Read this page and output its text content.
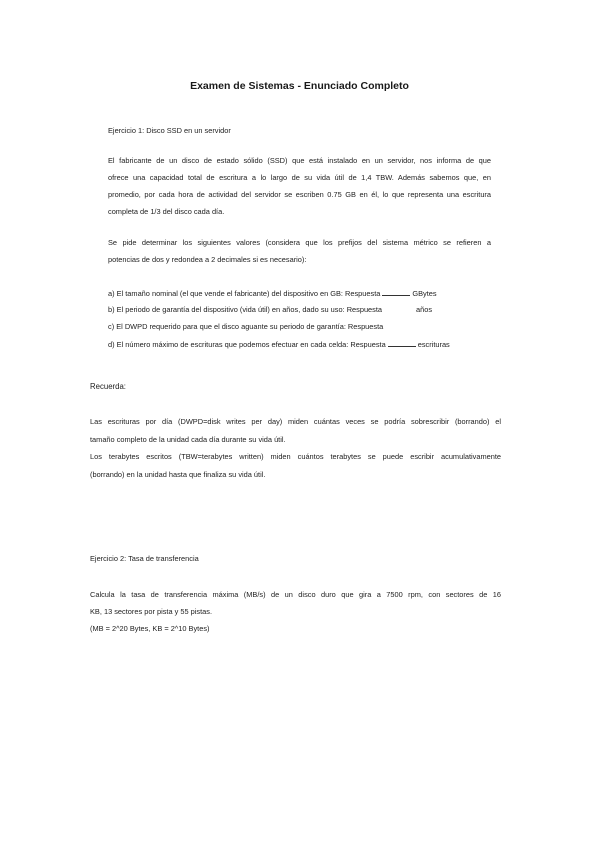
Examen de Sistemas - Enunciado Completo
Ejercicio 1: Disco SSD en un servidor
El fabricante de un disco de estado sólido (SSD) que está instalado en un servidor, nos informa de que
ofrece una capacidad total de escritura a lo largo de su vida útil de 1,4 TBW. Además sabemos que, en
promedio, por cada hora de actividad del servidor se escriben 0.75 GB en él, lo que representa una escritura
completa de 1/3 del disco cada día.
Se pide determinar los siguientes valores (considera que los prefijos del sistema métrico se refieren a
potencias de dos y redondea a 2 decimales si es necesario):
a) El tamaño nominal (el que vende el fabricante) del dispositivo en GB: Respuesta	GBytes
b) El periodo de garantía del dispositivo (vida útil) en años, dado su uso: Respuesta	años
c) El DWPD requerido para que el disco aguante su periodo de garantía: Respuesta
d) El número máximo de escrituras que podemos efectuar en cada celda: Respuesta	escrituras
Recuerda:
Las escrituras por día (DWPD=disk writes per day) miden cuántas veces se podría sobrescribir (borrando) el
tamaño completo de la unidad cada día durante su vida útil.
Los terabytes escritos (TBW=terabytes written) miden cuántos terabytes se puede escribir acumulativamente
(borrando) en la unidad hasta que finaliza su vida útil.
Ejercicio 2: Tasa de transferencia
Calcula la tasa de transferencia máxima (MB/s) de un disco duro que gira a 7500 rpm, con sectores de 16
KB, 13 sectores por pista y 55 pistas.
(MB = 2^20 Bytes, KB = 2^10 Bytes)
